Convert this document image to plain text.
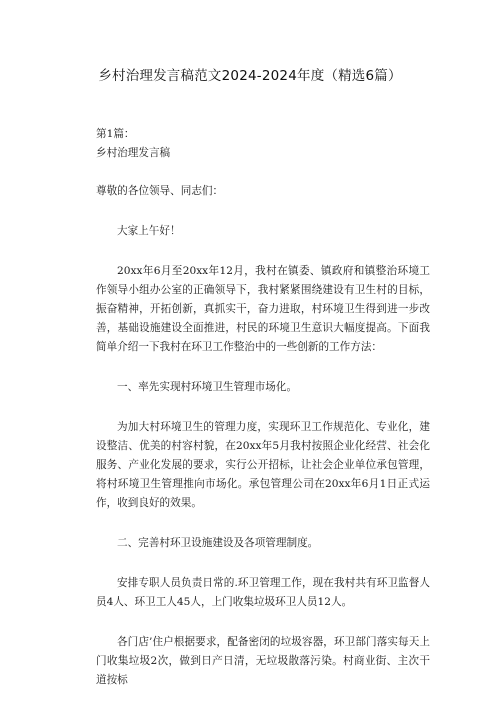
乡村治理发言稿范文2024-2024年度（精选6篇）

第1篇：

乡村治理发言稿

尊敬的各位领导、同志们：

大家上午好！

20xx年6月至20xx年12月，我村在镇委、镇政府和镇整治环境工作领导小组办公室的正确领导下，我村紧紧围绕建设有卫生村的目标，振奋精神，开拓创新，真抓实干，奋力进取，村环境卫生得到进一步改善，基础设施建设全面推进，村民的环境卫生意识大幅度提高。下面我简单介绍一下我村在环卫工作整治中的一些创新的工作方法：

一、率先实现村环境卫生管理市场化。

为加大村环境卫生的管理力度，实现环卫工作规范化、专业化，建设整洁、优美的村容村貌，在20xx年5月我村按照企业化经营、社会化服务、产业化发展的要求，实行公开招标，让社会企业单位承包管理，将村环境卫生管理推向市场化。承包管理公司在20xx年6月1日正式运作，收到良好的效果。

二、完善村环卫设施建设及各项管理制度。

安排专职人员负责日常的.环卫管理工作，现在我村共有环卫监督人员4人、环卫工人45人，上门收集垃圾环卫人员12人。

各门店’住户根据要求，配备密闭的垃圾容器，环卫部门落实每天上门收集垃圾2次，做到日产日清，无垃圾散落污染。村商业街、主次干道按标
